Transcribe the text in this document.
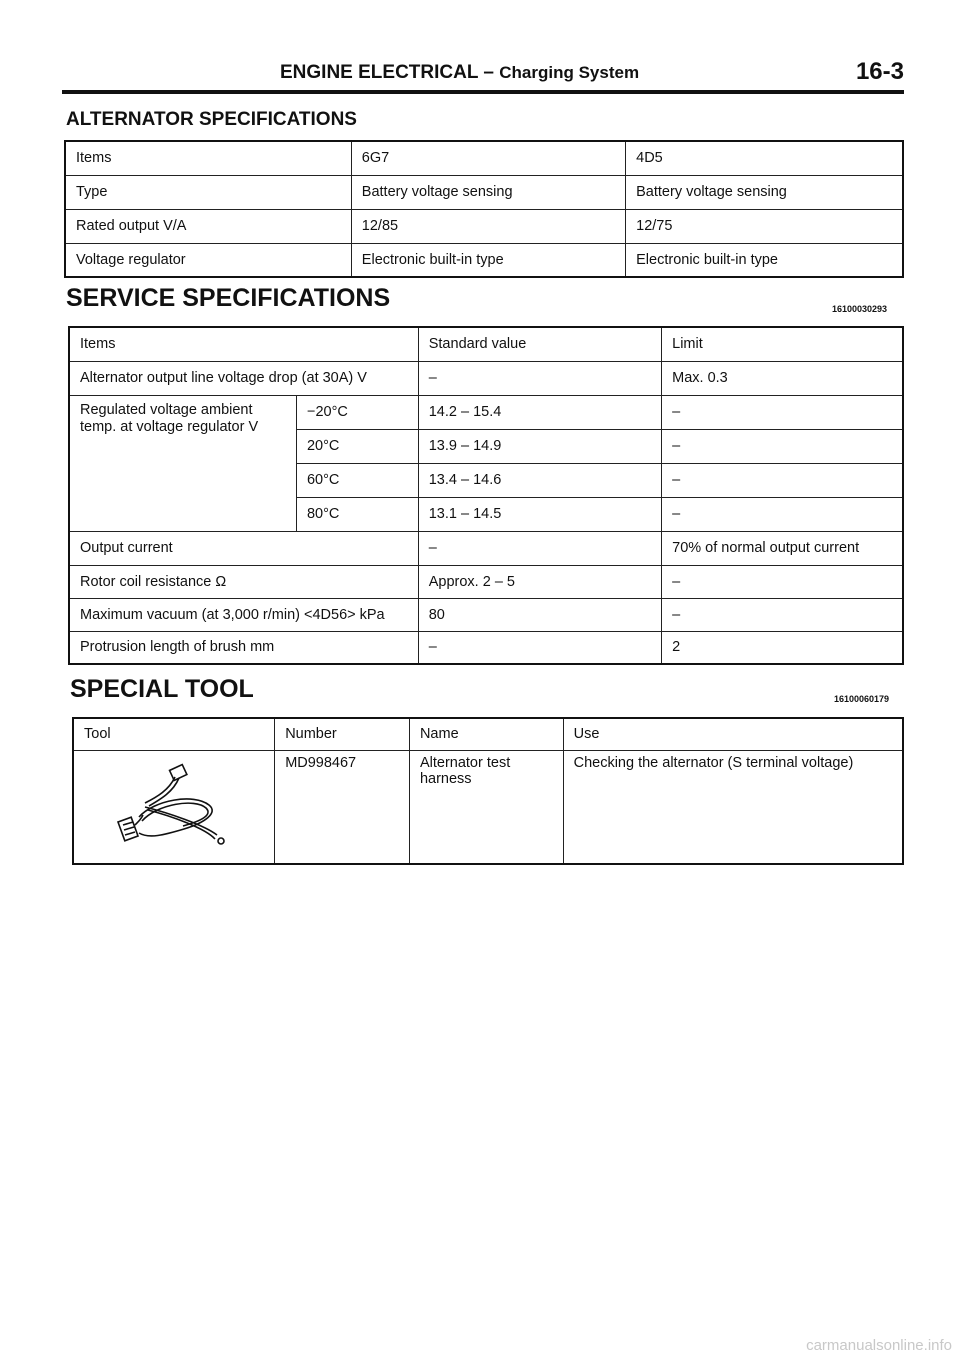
ENGINE ELECTRICAL – Charging System	16-3
ALTERNATOR SPECIFICATIONS
Items	6G7	4D5
Type	Battery voltage sensing	Battery voltage sensing
Rated output V/A	12/85	12/75
Voltage regulator	Electronic built-in type	Electronic built-in type
SERVICE SPECIFICATIONS	16100030293
Items		Standard value	Limit
Alternator output line voltage drop (at 30A) V		–	Max. 0.3
Regulated voltage ambient temp. at voltage regulator V	−20°C	14.2 – 15.4	–
	20°C	13.9 – 14.9	–
	60°C	13.4 – 14.6	–
	80°C	13.1 – 14.5	–
Output current		–	70% of normal output current
Rotor coil resistance Ω		Approx. 2 – 5	–
Maximum vacuum (at 3,000 r/min) <4D56> kPa		80	–
Protrusion length of brush mm		–	2
SPECIAL TOOL	16100060179
Tool	Number	Name	Use
	MD998467	Alternator test harness	Checking the alternator (S terminal voltage)
carmanualsonline.info
